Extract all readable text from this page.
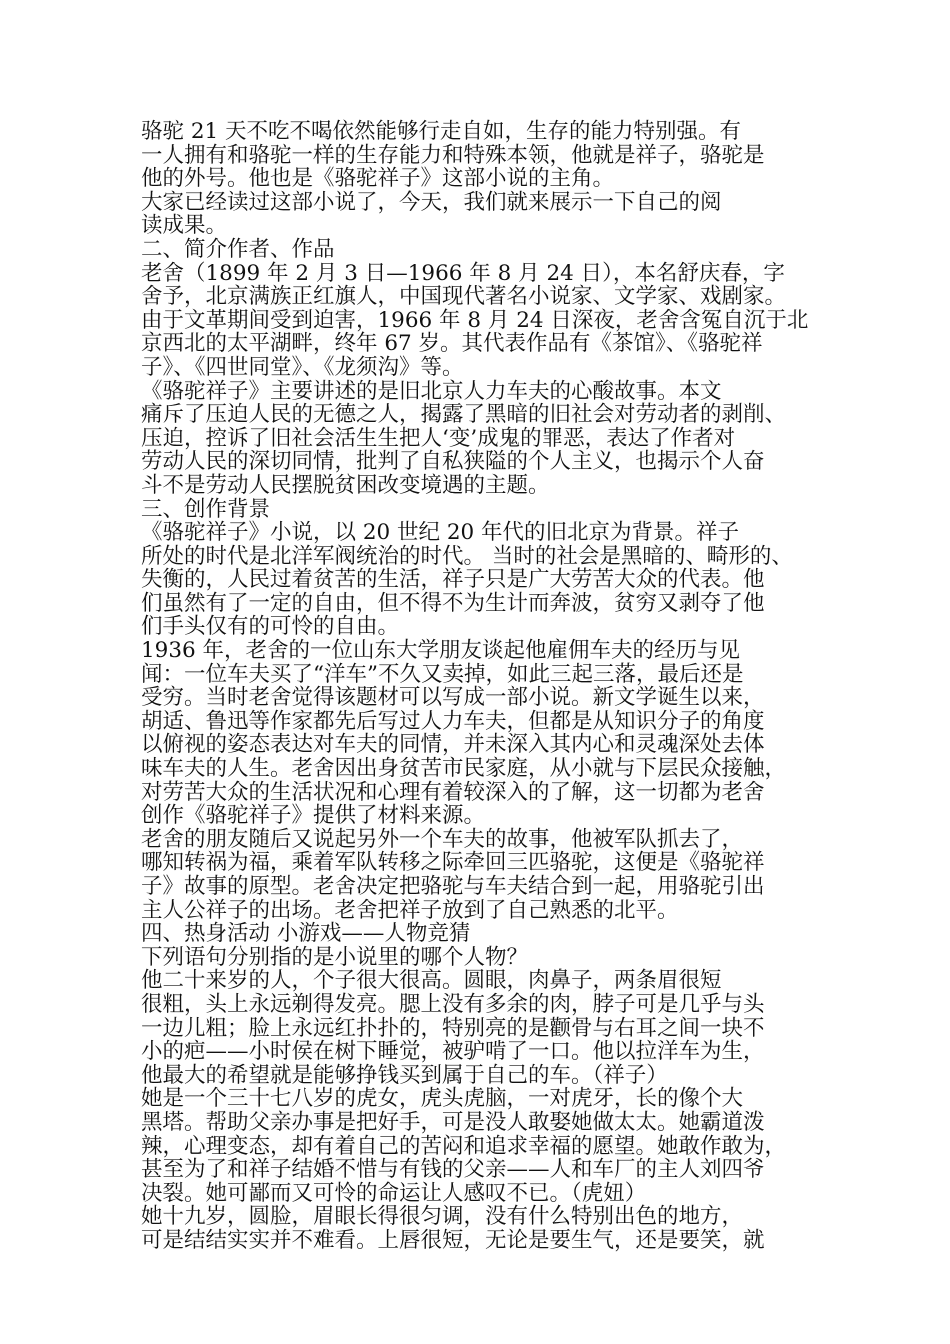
骆驼 21 天不吃不喝依然能够行走自如，生存的能力特别强。有
一人拥有和骆驼一样的生存能力和特殊本领，他就是祥子，骆驼是
他的外号。他也是《骆驼祥子》这部小说的主角。
大家已经读过这部小说了，今天，我们就来展示一下自己的阅
读成果。
二、简介作者、作品
老舍（1899 年 2 月 3 日—1966 年 8 月 24 日），本名舒庆春，字
舍予，北京满族正红旗人，中国现代著名小说家、文学家、戏剧家。
由于文革期间受到迫害，1966 年 8 月 24 日深夜，老舍含冤自沉于北
京西北的太平湖畔，终年 67 岁。其代表作品有《茶馆》、《骆驼祥
子》、《四世同堂》、《龙须沟》等。
《骆驼祥子》主要讲述的是旧北京人力车夫的心酸故事。本文
痛斥了压迫人民的无德之人，揭露了黑暗的旧社会对劳动者的剥削、
压迫，控诉了旧社会活生生把人‘变’成鬼的罪恶，表达了作者对
劳动人民的深切同情，批判了自私狭隘的个人主义，也揭示个人奋
斗不是劳动人民摆脱贫困改变境遇的主题。
三、创作背景
《骆驼祥子》小说，以 20 世纪 20 年代的旧北京为背景。祥子
所处的时代是北洋军阀统治的时代。 当时的社会是黑暗的、畸形的、
失衡的，人民过着贫苦的生活，祥子只是广大劳苦大众的代表。他
们虽然有了一定的自由，但不得不为生计而奔波，贫穷又剥夺了他
们手头仅有的可怜的自由。
1936 年，老舍的一位山东大学朋友谈起他雇佣车夫的经历与见
闻：一位车夫买了“洋车”不久又卖掉，如此三起三落，最后还是
受穷。当时老舍觉得该题材可以写成一部小说。新文学诞生以来，
胡适、鲁迅等作家都先后写过人力车夫，但都是从知识分子的角度
以俯视的姿态表达对车夫的同情，并未深入其内心和灵魂深处去体
味车夫的人生。老舍因出身贫苦市民家庭，从小就与下层民众接触，
对劳苦大众的生活状况和心理有着较深入的了解，这一切都为老舍
创作《骆驼祥子》提供了材料来源。
老舍的朋友随后又说起另外一个车夫的故事，他被军队抓去了，
哪知转祸为福，乘着军队转移之际牵回三匹骆驼，这便是《骆驼祥
子》故事的原型。老舍决定把骆驼与车夫结合到一起，用骆驼引出
主人公祥子的出场。老舍把祥子放到了自己熟悉的北平。
四、热身活动 小游戏——人物竞猜
下列语句分别指的是小说里的哪个人物？
他二十来岁的人，个子很大很高。圆眼，肉鼻子，两条眉很短
很粗，头上永远剃得发亮。腮上没有多余的肉，脖子可是几乎与头
一边儿粗；脸上永远红扑扑的，特别亮的是颧骨与右耳之间一块不
小的疤——小时侯在树下睡觉，被驴啃了一口。他以拉洋车为生，
他最大的希望就是能够挣钱买到属于自己的车。（祥子）
她是一个三十七八岁的虎女，虎头虎脑，一对虎牙，长的像个大
黑塔。帮助父亲办事是把好手，可是没人敢娶她做太太。她霸道泼
辣，心理变态，却有着自己的苦闷和追求幸福的愿望。她敢作敢为，
甚至为了和祥子结婚不惜与有钱的父亲——人和车厂的主人刘四爷
决裂。她可鄙而又可怜的命运让人感叹不已。（虎妞）
她十九岁，圆脸，眉眼长得很匀调，没有什么特别出色的地方，
可是结结实实并不难看。上唇很短，无论是要生气，还是要笑，就
